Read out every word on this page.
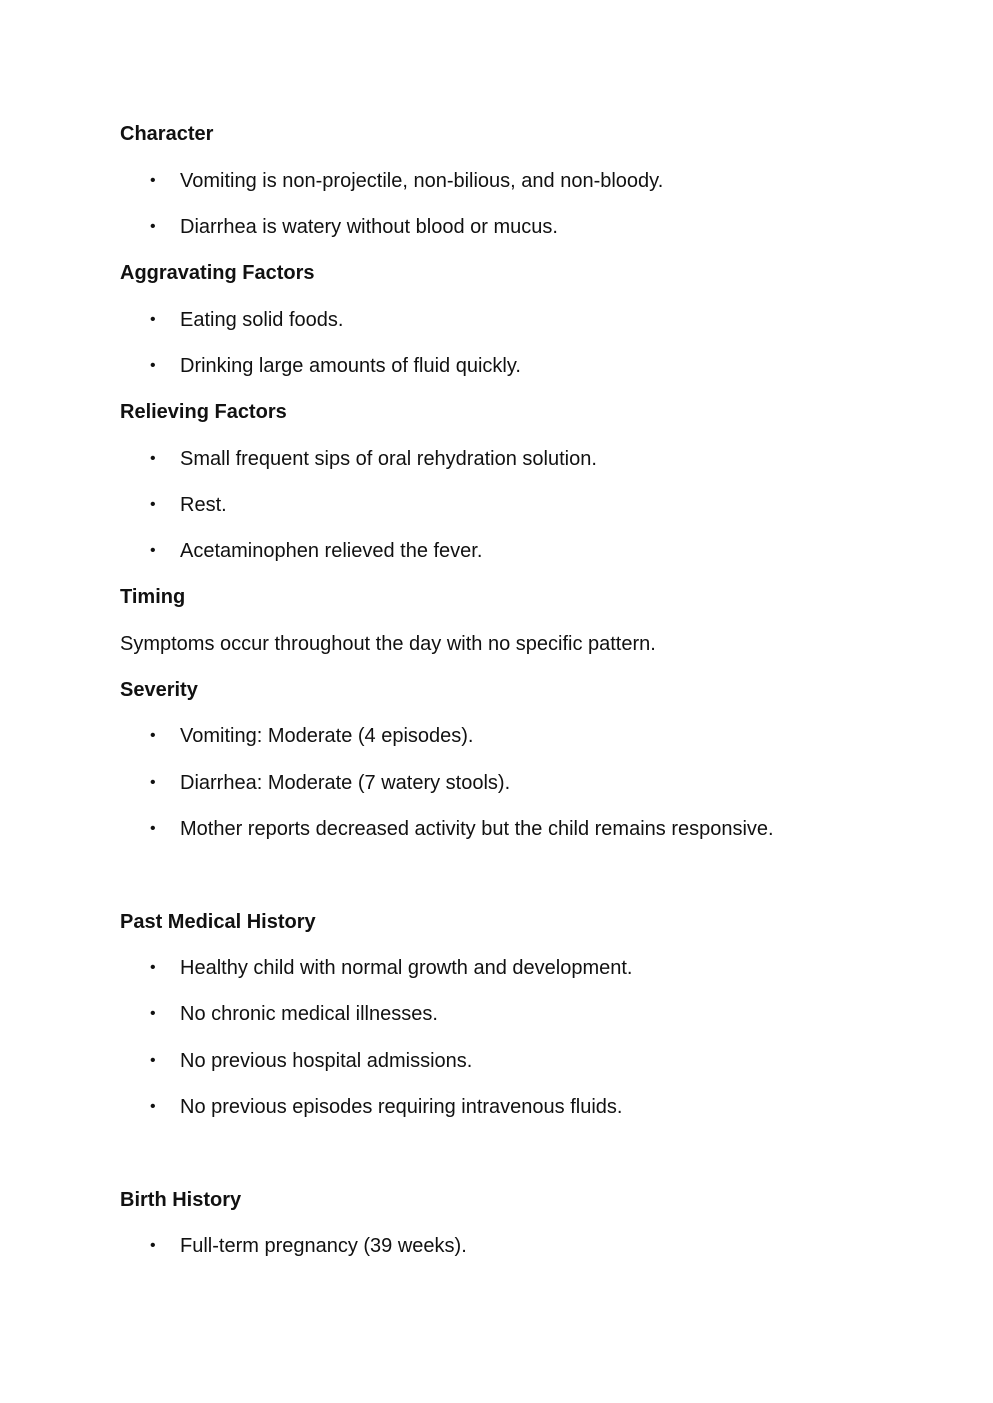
Character
• Vomiting is non-projectile, non-bilious, and non-bloody.
• Diarrhea is watery without blood or mucus.
Aggravating Factors
• Eating solid foods.
• Drinking large amounts of fluid quickly.
Relieving Factors
• Small frequent sips of oral rehydration solution.
• Rest.
• Acetaminophen relieved the fever.
Timing
Symptoms occur throughout the day with no specific pattern.
Severity
• Vomiting: Moderate (4 episodes).
• Diarrhea: Moderate (7 watery stools).
• Mother reports decreased activity but the child remains responsive.
Past Medical History
• Healthy child with normal growth and development.
• No chronic medical illnesses.
• No previous hospital admissions.
• No previous episodes requiring intravenous fluids.
Birth History
• Full-term pregnancy (39 weeks).
